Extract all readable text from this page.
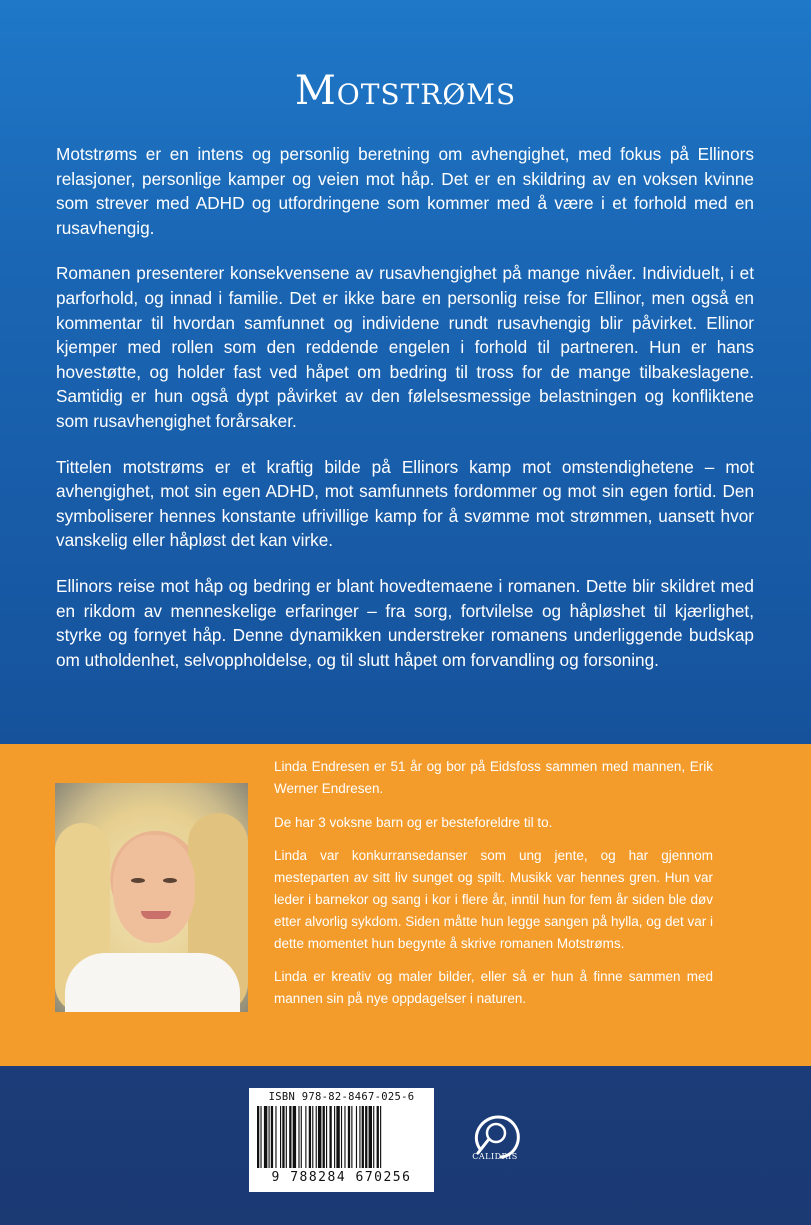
Motstrøms

Motstrøms er en intens og personlig beretning om avhengighet, med fokus på Ellinors relasjoner, personlige kamper og veien mot håp. Det er en skildring av en voksen kvinne som strever med ADHD og utfordringene som kommer med å være i et forhold med en rusavhengig.

Romanen presenterer konsekvensene av rusavhengighet på mange nivåer. Individuelt, i et parforhold, og innad i familie. Det er ikke bare en personlig reise for Ellinor, men også en kommentar til hvordan samfunnet og individene rundt rusavhengig blir påvirket. Ellinor kjemper med rollen som den reddende engelen i forhold til partneren. Hun er hans hovestøtte, og holder fast ved håpet om bedring til tross for de mange tilbakeslagene. Samtidig er hun også dypt påvirket av den følelsesmessige belastningen og konfliktene som rusavhengighet forårsaker.

Tittelen motstrøms er et kraftig bilde på Ellinors kamp mot omstendighetene – mot avhengighet, mot sin egen ADHD, mot samfunnets fordommer og mot sin egen fortid. Den symboliserer hennes konstante ufrivillige kamp for å svømme mot strømmen, uansett hvor vanskelig eller håpløst det kan virke.

Ellinors reise mot håp og bedring er blant hovedtemaene i romanen. Dette blir skildret med en rikdom av menneskelige erfaringer – fra sorg, fortvilelse og håpløshet til kjærlighet, styrke og fornyet håp. Denne dynamikken understreker romanens underliggende budskap om utholdenhet, selvoppholdelse, og til slutt håpet om forvandling og forsoning.

Linda Endresen er 51 år og bor på Eidsfoss sammen med mannen, Erik Werner Endresen.

De har 3 voksne barn og er besteforeldre til to.

Linda var konkurransedanser som ung jente, og har gjennom mesteparten av sitt liv sunget og spilt. Musikk var hennes gren. Hun var leder i barnekor og sang i kor i flere år, inntil hun for fem år siden ble døv etter alvorlig sykdom. Siden måtte hun legge sangen på hylla, og det var i dette momentet hun begynte å skrive romanen Motstrøms.

Linda er kreativ og maler bilder, eller så er hun å finne sammen med mannen sin på nye oppdagelser i naturen.

ISBN 978-82-8467-025-6
9 788284 670256
CALIDRIS
